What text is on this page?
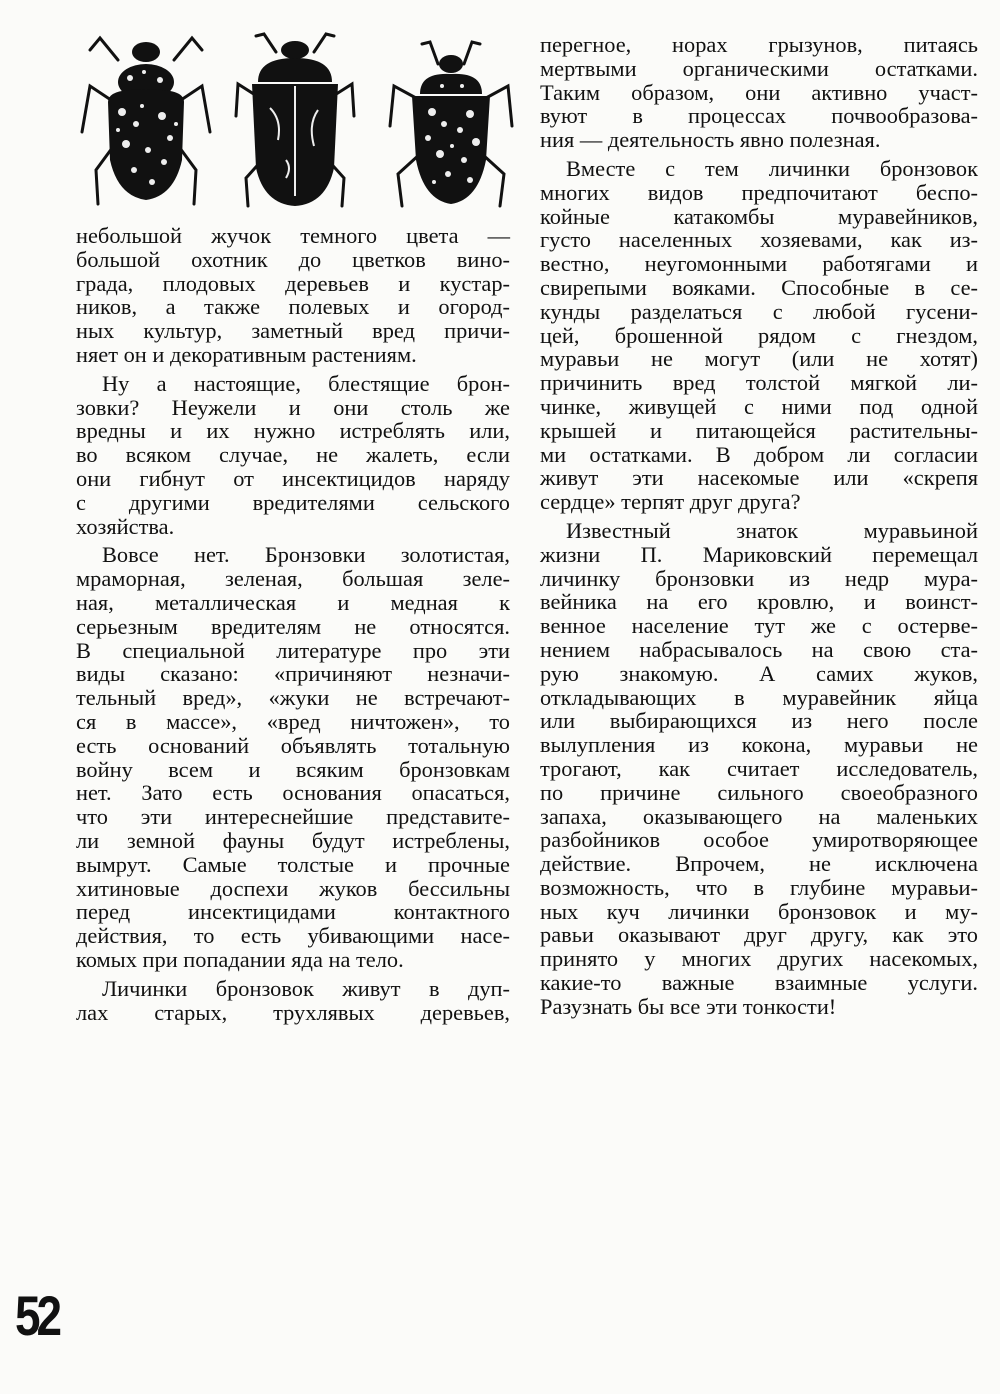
небольшой жучок темного цвета —
большой охотник до цветков вино-
града, плодовых деревьев и кустар-
ников, а также полевых и огород-
ных культур, заметный вред причи-
няет он и декоративным растениям.
Ну а настоящие, блестящие брон-
зовки? Неужели и они столь же
вредны и их нужно истреблять или,
во всяком случае, не жалеть, если
они гибнут от инсектицидов наряду
с другими вредителями сельского
хозяйства.
Вовсе нет. Бронзовки золотистая,
мраморная, зеленая, большая зеле-
ная, металлическая и медная к
серьезным вредителям не относятся.
В специальной литературе про эти
виды сказано: «причиняют незначи-
тельный вред», «жуки не встречают-
ся в массе», «вред ничтожен», то
есть оснований объявлять тотальную
войну всем и всяким бронзовкам
нет. Зато есть основания опасаться,
что эти интереснейшие представите-
ли земной фауны будут истреблены,
вымрут. Самые толстые и прочные
хитиновые доспехи жуков бессильны
перед инсектицидами контактного
действия, то есть убивающими насе-
комых при попадании яда на тело.
Личинки бронзовок живут в дуп-
лах старых, трухлявых деревьев,
перегное, норах грызунов, питаясь
мертвыми органическими остатками.
Таким образом, они активно участ-
вуют в процессах почвообразова-
ния — деятельность явно полезная.
Вместе с тем личинки бронзовок
многих видов предпочитают беспо-
койные катакомбы муравейников,
густо населенных хозяевами, как из-
вестно, неугомонными работягами и
свирепыми вояками. Способные в се-
кунды разделаться с любой гусени-
цей, брошенной рядом с гнездом,
муравьи не могут (или не хотят)
причинить вред толстой мягкой ли-
чинке, живущей с ними под одной
крышей и питающейся растительны-
ми остатками. В добром ли согласии
живут эти насекомые или «скрепя
сердце» терпят друг друга?
Известный знаток муравьиной
жизни П. Мариковский перемещал
личинку бронзовки из недр мура-
вейника на его кровлю, и воинст-
венное население тут же с остерве-
нением набрасывалось на свою ста-
рую знакомую. А самих жуков,
откладывающих в муравейник яйца
или выбирающихся из него после
вылупления из кокона, муравьи не
трогают, как считает исследователь,
по причине сильного своеобразного
запаха, оказывающего на маленьких
разбойников особое умиротворяющее
действие. Впрочем, не исключена
возможность, что в глубине муравьи-
ных куч личинки бронзовок и му-
равьи оказывают друг другу, как это
принято у многих других насекомых,
какие-то важные взаимные услуги.
Разузнать бы все эти тонкости!
52
